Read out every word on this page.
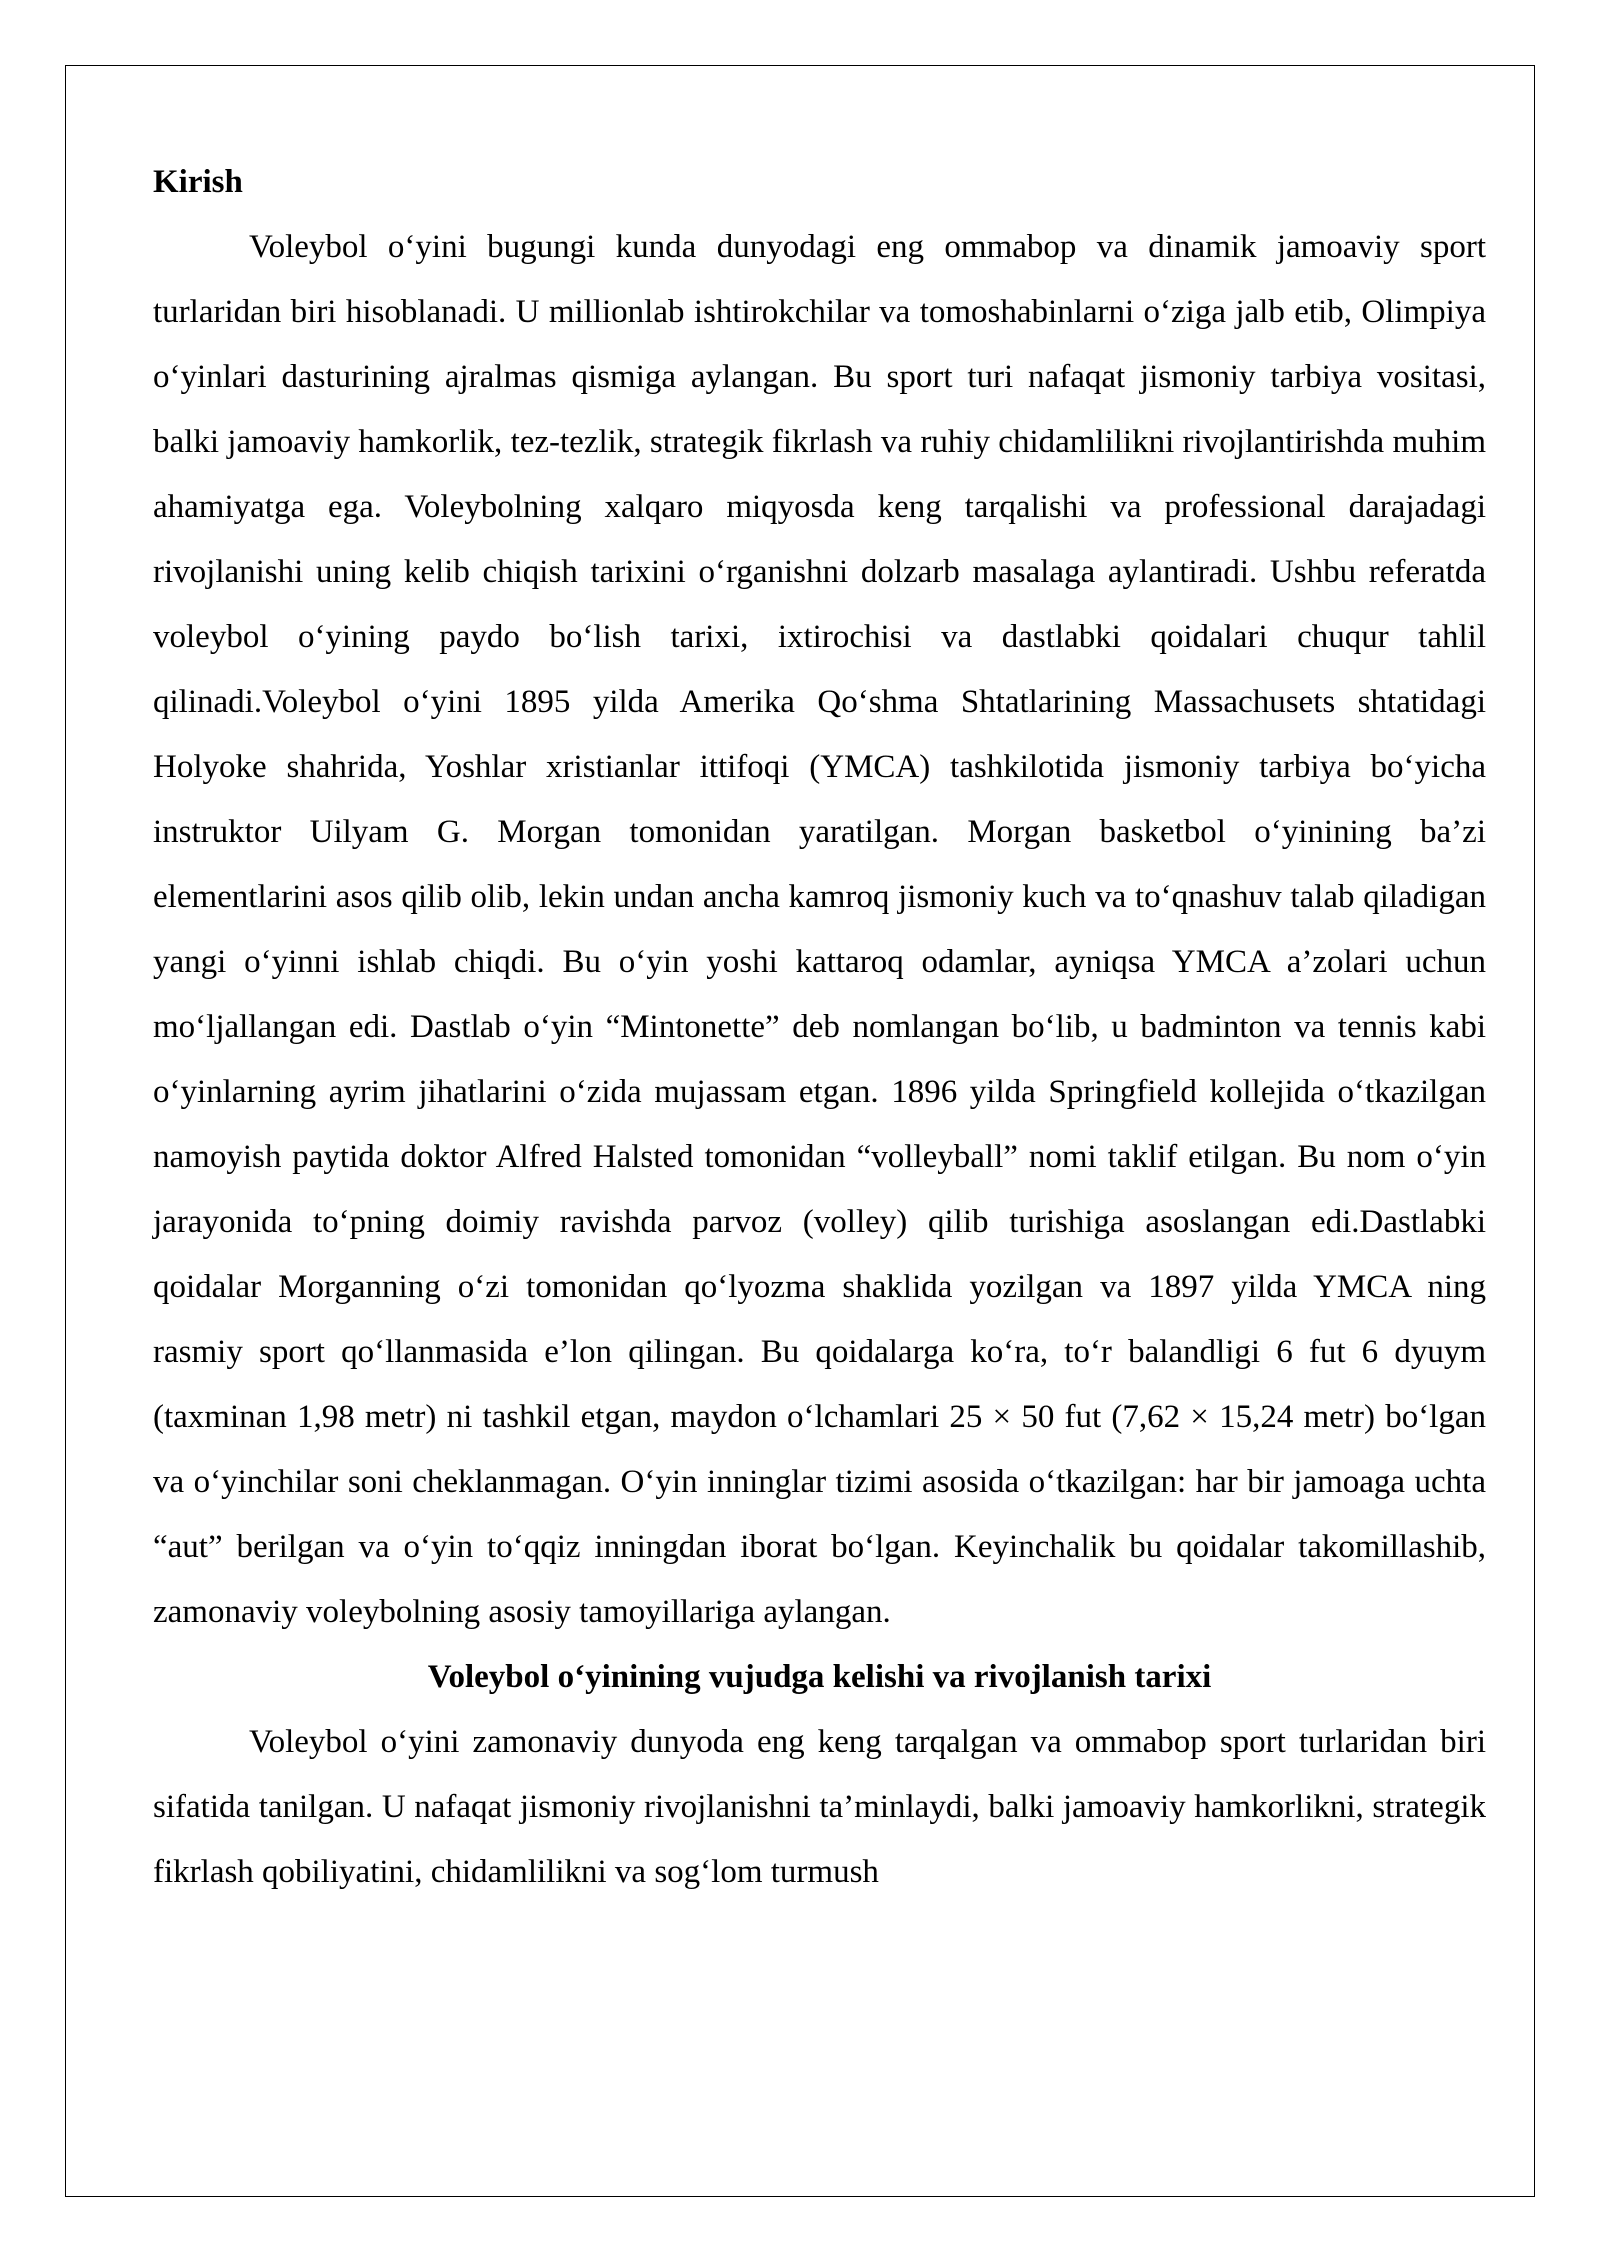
Kirish
Voleybol o‘yini bugungi kunda dunyodagi eng ommabop va dinamik jamoaviy sport turlaridan biri hisoblanadi. U millionlab ishtirokchilar va tomoshabinlarni o‘ziga jalb etib, Olimpiya o‘yinlari dasturining ajralmas qismiga aylangan. Bu sport turi nafaqat jismoniy tarbiya vositasi, balki jamoaviy hamkorlik, tez-tezlik, strategik fikrlash va ruhiy chidamlilikni rivojlantirishda muhim ahamiyatga ega. Voleybolning xalqaro miqyosda keng tarqalishi va professional darajadagi rivojlanishi uning kelib chiqish tarixini o‘rganishni dolzarb masalaga aylantiradi. Ushbu referatda voleybol o‘yining paydo bo‘lish tarixi, ixtirochisi va dastlabki qoidalari chuqur tahlil qilinadi.Voleybol o‘yini 1895 yilda Amerika Qo‘shma Shtatlarining Massachusets shtatidagi Holyoke shahrida, Yoshlar xristianlar ittifoqi (YMCA) tashkilotida jismoniy tarbiya bo‘yicha instruktor Uilyam G. Morgan tomonidan yaratilgan. Morgan basketbol o‘yinining ba’zi elementlarini asos qilib olib, lekin undan ancha kamroq jismoniy kuch va to‘qnashuv talab qiladigan yangi o‘yinni ishlab chiqdi. Bu o‘yin yoshi kattaroq odamlar, ayniqsa YMCA a’zolari uchun mo‘ljallangan edi. Dastlab o‘yin “Mintonette” deb nomlangan bo‘lib, u badminton va tennis kabi o‘yinlarning ayrim jihatlarini o‘zida mujassam etgan. 1896 yilda Springfield kollejida o‘tkazilgan namoyish paytida doktor Alfred Halsted tomonidan “volleyball” nomi taklif etilgan. Bu nom o‘yin jarayonida to‘pning doimiy ravishda parvoz (volley) qilib turishiga asoslangan edi.Dastlabki qoidalar Morganning o‘zi tomonidan qo‘lyozma shaklida yozilgan va 1897 yilda YMCA ning rasmiy sport qo‘llanmasida e’lon qilingan. Bu qoidalarga ko‘ra, to‘r balandligi 6 fut 6 dyuym (taxminan 1,98 metr) ni tashkil etgan, maydon o‘lchamlari 25 × 50 fut (7,62 × 15,24 metr) bo‘lgan va o‘yinchilar soni cheklanmagan. O‘yin inninglar tizimi asosida o‘tkazilgan: har bir jamoaga uchta “aut” berilgan va o‘yin to‘qqiz inningdan iborat bo‘lgan. Keyinchalik bu qoidalar takomillashib, zamonaviy voleybolning asosiy tamoyillariga aylangan.
Voleybol o‘yinining vujudga kelishi va rivojlanish tarixi
Voleybol o‘yini zamonaviy dunyoda eng keng tarqalgan va ommabop sport turlaridan biri sifatida tanilgan. U nafaqat jismoniy rivojlanishni ta’minlaydi, balki jamoaviy hamkorlikni, strategik fikrlash qobiliyatini, chidamlilikni va sog‘lom turmush
